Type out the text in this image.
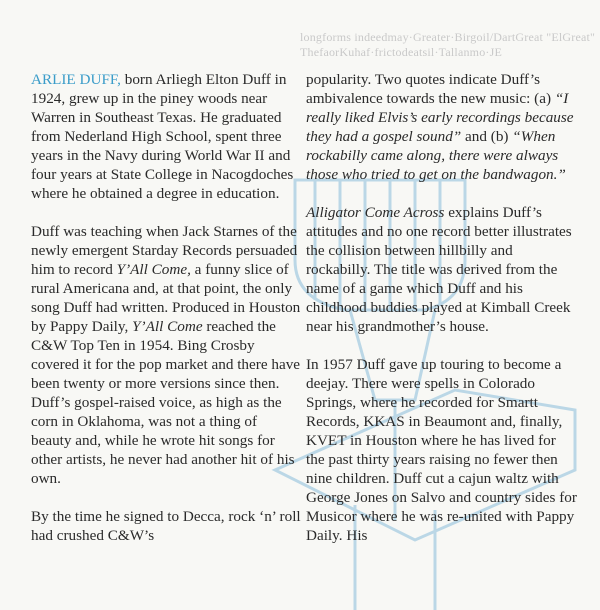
longforms indeedmay·Greater·Birgoil/DartGreat "ElGreat"
ThefaorKuhaf·frictodeatsil·Tallanmo·JE

ARLIE DUFF, born Arliegh Elton Duff in 1924, grew up in the piney woods near Warren in Southeast Texas. He graduated from Nederland High School, spent three years in the Navy during World War II and four years at State College in Nacogdoches where he obtained a degree in education.

Duff was teaching when Jack Starnes of the newly emergent Starday Records persuaded him to record Y’All Come, a funny slice of rural Americana and, at that point, the only song Duff had written. Produced in Houston by Pappy Daily, Y’All Come reached the C&W Top Ten in 1954. Bing Crosby covered it for the pop market and there have been twenty or more versions since then. Duff’s gospel-raised voice, as high as the corn in Oklahoma, was not a thing of beauty and, while he wrote hit songs for other artists, he never had another hit of his own.

By the time he signed to Decca, rock ‘n’ roll had crushed C&W’s

popularity. Two quotes indicate Duff’s ambivalence towards the new music: (a) “I really liked Elvis’s early recordings because they had a gospel sound” and (b) “When rockabilly came along, there were always those who tried to get on the bandwagon.”

Alligator Come Across explains Duff’s attitudes and no one record better illustrates the collision between hillbilly and rockabilly. The title was derived from the name of a game which Duff and his childhood buddies played at Kimball Creek near his grandmother’s house.

In 1957 Duff gave up touring to become a deejay. There were spells in Colorado Springs, where he recorded for Smartt Records, KKAS in Beaumont and, finally, KVET in Houston where he has lived for the past thirty years raising no fewer then nine children. Duff cut a cajun waltz with George Jones on Salvo and country sides for Musicor where he was re-united with Pappy Daily. His
